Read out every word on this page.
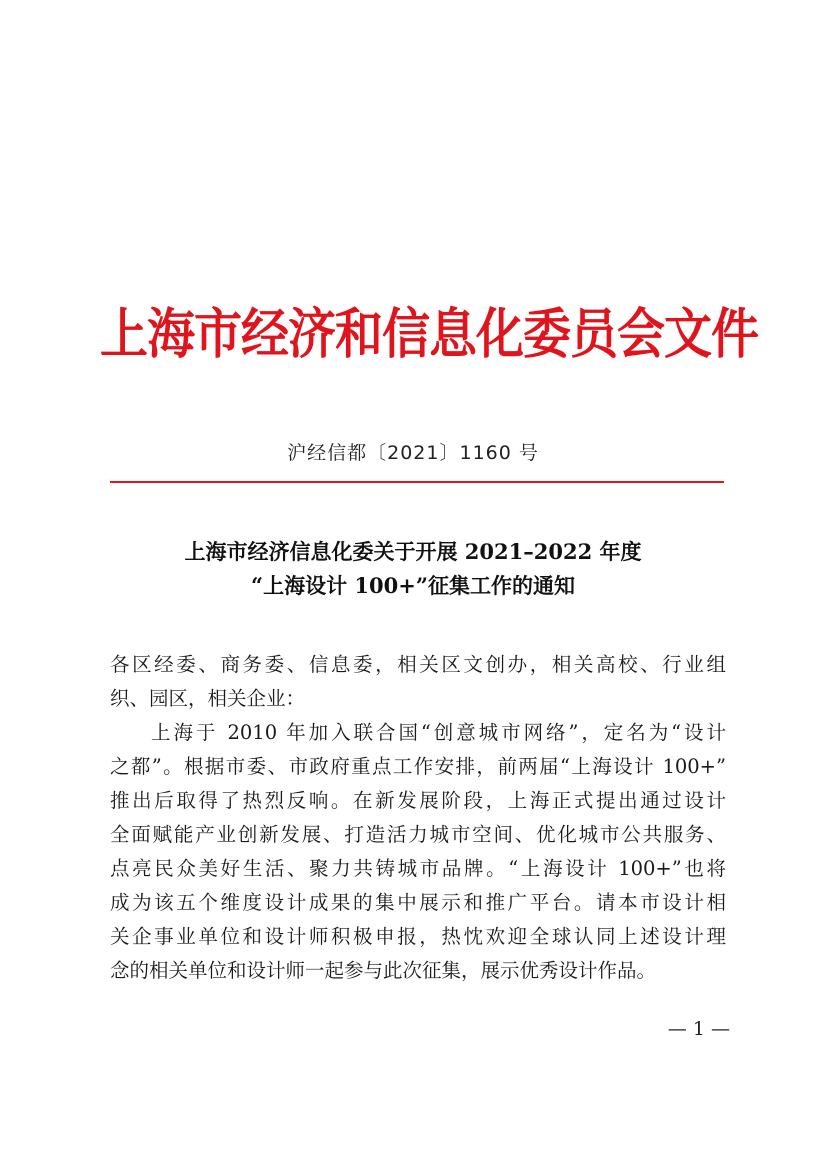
上海市经济和信息化委员会文件
沪经信都〔2021〕1160 号
上海市经济信息化委关于开展 2021–2022 年度
“上海设计 100+”征集工作的通知
各区经委、商务委、信息委，相关区文创办，相关高校、行业组
织、园区，相关企业：
上海于 2010 年加入联合国“创意城市网络”，定名为“设计
之都”。根据市委、市政府重点工作安排，前两届“上海设计 100+”
推出后取得了热烈反响。在新发展阶段，上海正式提出通过设计
全面赋能产业创新发展、打造活力城市空间、优化城市公共服务、
点亮民众美好生活、聚力共铸城市品牌。“上海设计 100+”也将
成为该五个维度设计成果的集中展示和推广平台。请本市设计相
关企事业单位和设计师积极申报，热忱欢迎全球认同上述设计理
念的相关单位和设计师一起参与此次征集，展示优秀设计作品。
— 1 —
